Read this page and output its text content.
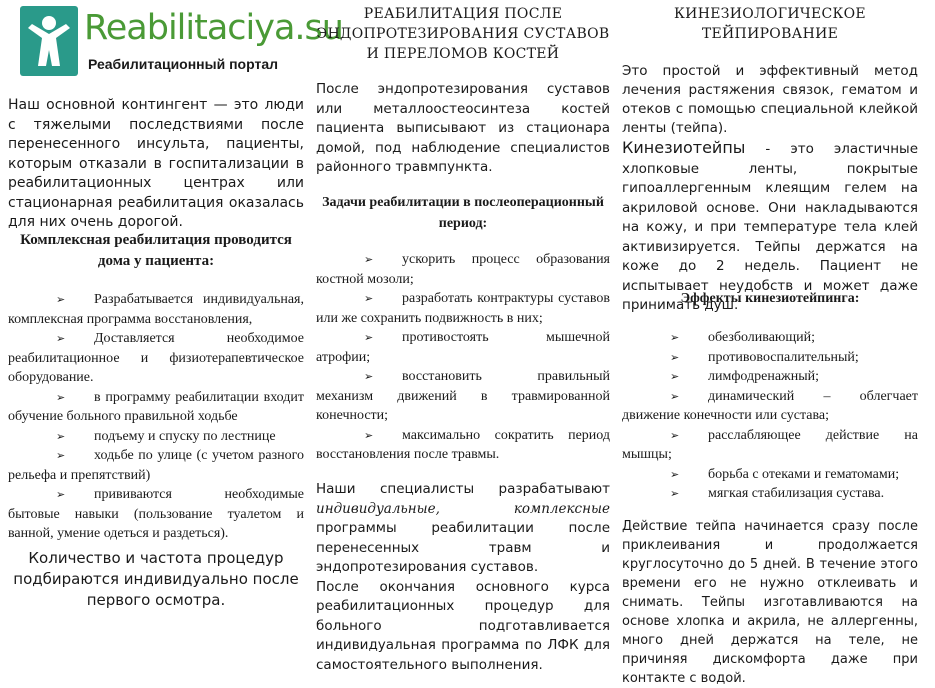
Reabilitaciya.su
Реабилитационный портал
Наш основной контингент — это люди с тяжелыми последствиями после перенесенного инсульта, пациенты, которым отказали в госпитализации в реабилитационных центрах или стационарная реабилитация оказалась для них очень дорогой.
Комплексная реабилитация проводится дома у пациента:
➢ Разрабатывается индивидуальная, комплексная программа восстановления,
➢ Доставляется необходимое реабилитационное и физиотерапевтическое оборудование.
➢ в программу реабилитации входит обучение больного правильной ходьбе
➢ подъему и спуску по лестнице
➢ ходьбе по улице (с учетом разного рельефа и препятствий)
➢ прививаются необходимые бытовые навыки (пользование туалетом и ванной, умение одеться и раздеться).
Количество и частота процедур подбираются индивидуально после первого осмотра.
РЕАБИЛИТАЦИЯ ПОСЛЕ ЭНДОПРОТЕЗИРОВАНИЯ СУСТАВОВ И ПЕРЕЛОМОВ КОСТЕЙ
После эндопротезирования суставов или металлоостеосинтеза костей пациента выписывают из стационара домой, под наблюдение специалистов районного травмпункта.
Задачи реабилитации в послеоперационный период:
➢ ускорить процесс образования костной мозоли;
➢ разработать контрактуры суставов или же сохранить подвижность в них;
➢ противостоять мышечной атрофии;
➢ восстановить правильный механизм движений в травмированной конечности;
➢ максимально сократить период восстановления после травмы.
Наши специалисты разрабатывают индивидуальные, комплексные программы реабилитации после перенесенных травм и эндопротезирования суставов.
После окончания основного курса реабилитационных процедур для больного подготавливается индивидуальная программа по ЛФК для самостоятельного выполнения.
КИНЕЗИОЛОГИЧЕСКОЕ ТЕЙПИРОВАНИЕ
Это простой и эффективный метод лечения растяжения связок, гематом и отеков с помощью специальной клейкой ленты (тейпа).
Кинезиотейпы - это эластичные хлопковые ленты, покрытые гипоаллергенным клеящим гелем на акриловой основе. Они накладываются на кожу, и при температуре тела клей активизируется. Тейпы держатся на коже до 2 недель. Пациент не испытывает неудобств и может даже принимать душ.
Эффекты кинезиотейпинга:
➢ обезболивающий;
➢ противовоспалительный;
➢ лимфодренажный;
➢ динамический – облегчает движение конечности или сустава;
➢ расслабляющее действие на мышцы;
➢ борьба с отеками и гематомами;
➢ мягкая стабилизация сустава.
Действие тейпа начинается сразу после приклеивания и продолжается круглосуточно до 5 дней. В течение этого времени его не нужно отклеивать и снимать. Тейпы изготавливаются на основе хлопка и акрила, не аллергенны, много дней держатся на теле, не причиняя дискомфорта даже при контакте с водой.
